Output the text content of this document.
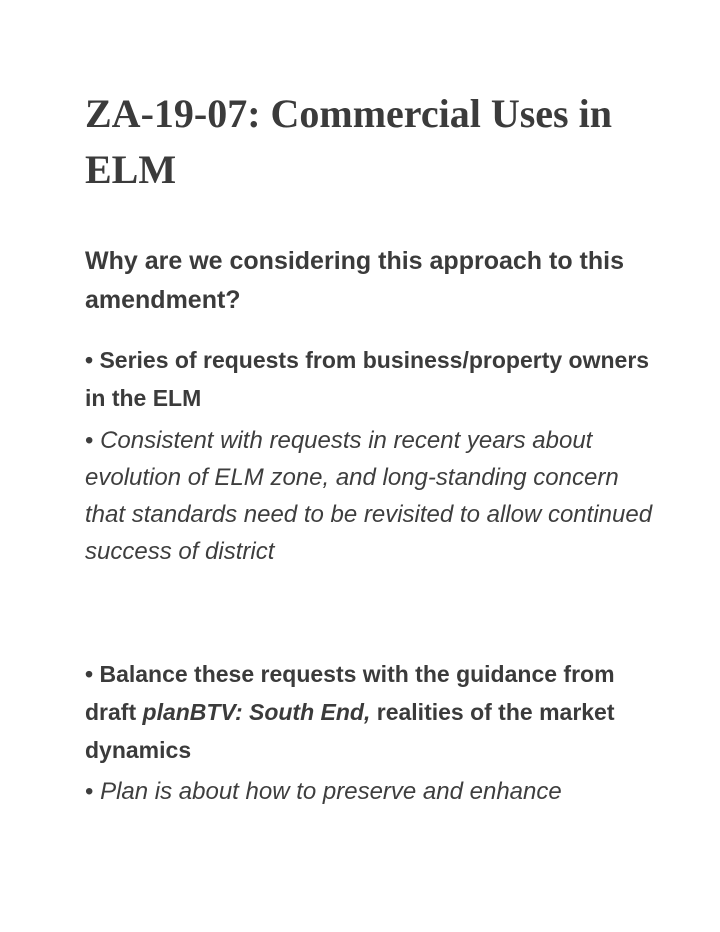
ZA-19-07: Commercial Uses in ELM
Why are we considering this approach to this amendment?

• Series of requests from business/property owners in the ELM

• Consistent with requests in recent years about evolution of ELM zone, and long-standing concern that standards need to be revisited to allow continued success of district

• Balance these requests with the guidance from draft planBTV: South End, realities of the market dynamics

• Plan is about how to preserve and enhance
